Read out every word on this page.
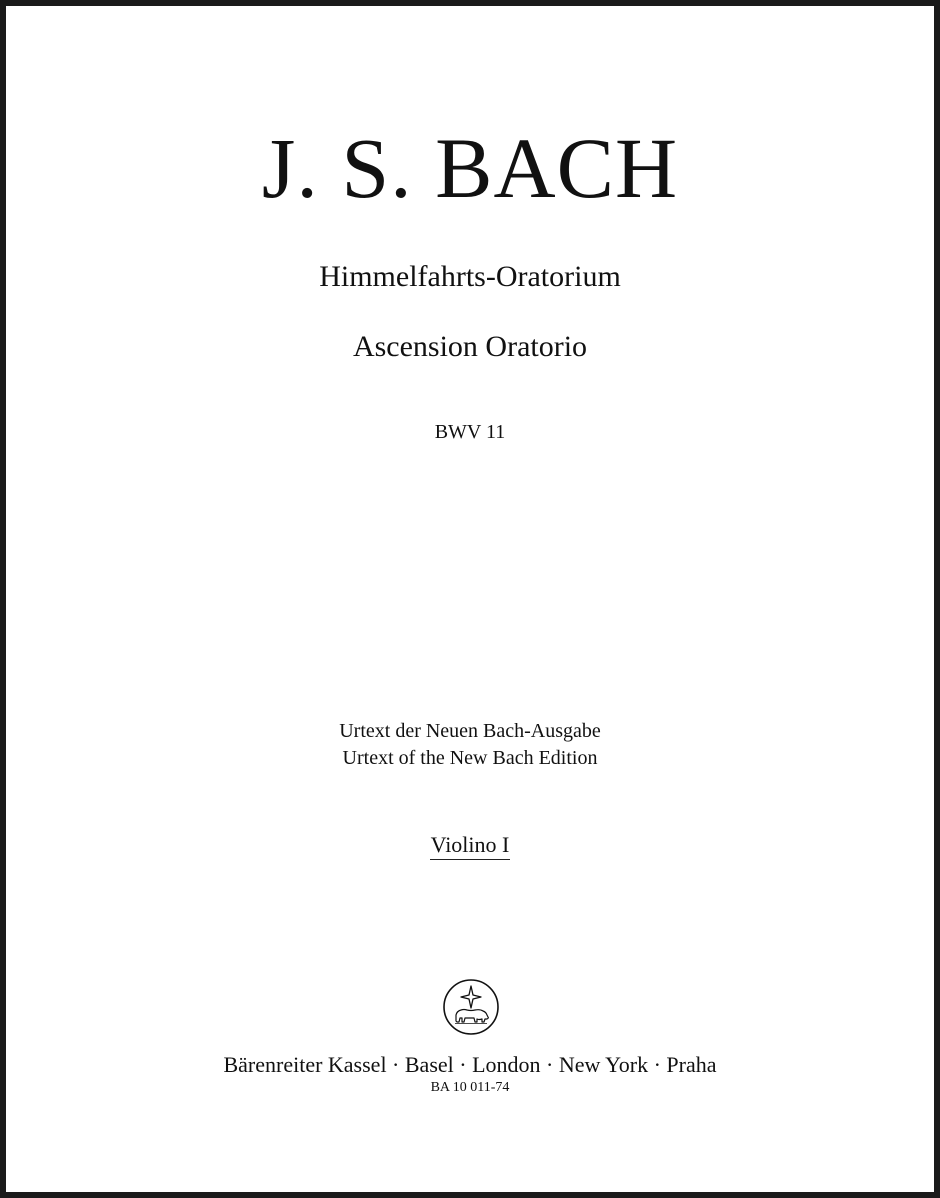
J. S. BACH
Himmelfahrts-Oratorium
Ascension Oratorio
BWV 11
Urtext der Neuen Bach-Ausgabe
Urtext of the New Bach Edition
Violino I
Bärenreiter Kassel · Basel · London · New York · Praha
BA 10 011-74
